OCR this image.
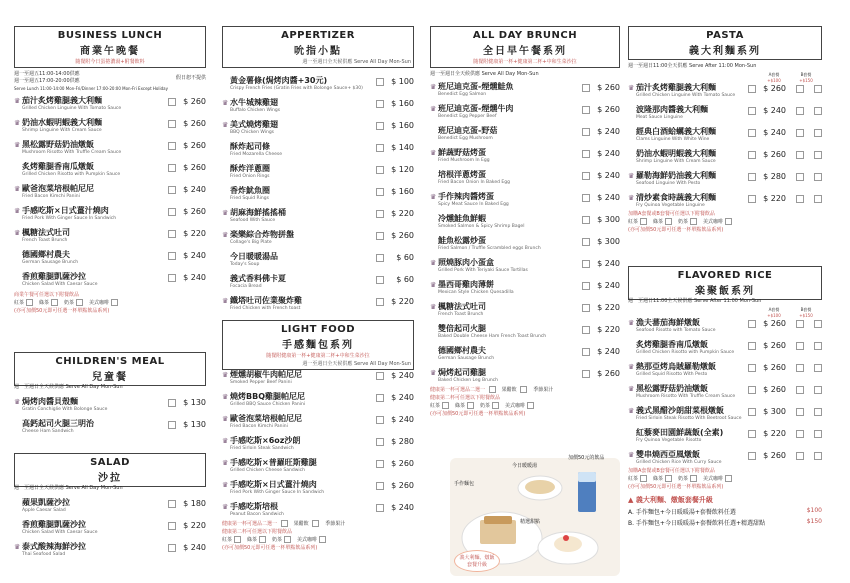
BUSINESS LUNCH
商業午晚餐
隨餐附今日蛋捲濃湯+附餐飲料
週一至週五11:00-14:00供應
週一至週五17:00-20:00供應	假日恕不提供
Serve Lunch 11:00-14:00 Mon-Fri/Dinner 17:00-20:00 Mon-Fri Except Holiday
♛ 茄汁炙烤雞腿義大利麵
Grilled Chicken Linguine With Tomato Sauce
$ 260
♛ 奶油水蝦明蝦義大利麵
Shrimp Linguine With Cream Sauce
$ 260
♛ 黑松露野菇奶油燉飯
Mushroom Risotto With Truffle Cream Sauce
$ 260
炙烤雞腿香南瓜燉飯
Grilled Chicken Risotto with Pumpkin Sauce
$ 260
♛ 歐爸泡菜培根帕尼尼
Fried Bacon Kimchi Panini
$ 240
♛ 手感吃斯×日式薑汁燒肉
Fried Pork With Ginger Sauce In Sandwich
$ 260
♛ 楓糖法式吐司
French Toast Brunch
$ 220
德國鄉村農夫
German Sausage Brunch
$ 240
香煎雞腿凱薩沙拉
Chicken Salad With Caesar Sauce
$ 240
商業午餐可任選以下附餐飲品
紅茶	綠茶	奶茶	美式咖啡
(亦可加價50元即可任選一杯單點飲品系列)
CHILDREN'S MEAL
兒童餐
週一至週日全天候供應 Serve All Day Mon-Sun
♛ 焗烤肉醬貝殼麵
Gratin Conchiglie With Bolonge Sauce
$ 130
高鈣起司火腿三明治
Cheese Ham Sandwich
$ 130
SALAD
沙拉
週一至週日全天候供應 Serve All Day Mon-Sun
蘋果凱薩沙拉
Apple Caesar Salad
$ 180
香煎雞腿凱薩沙拉
Chicken Salad With Caesar Sauce
$ 220
♛ 泰式酸辣海鮮沙拉
Thai Seafood Salad
$ 240
APPERTIZER
吮指小點
週一至週日全天候供應 Serve All Day Mon-Sun
黃金薯條(焗烤肉醬+30元)
Crispy French Fries (Gratin Fries with Bolonge Sauce+ $30)
$ 100
♛ 水牛城辣雞翅
Buffalo Chicken Wings
$ 160
♛ 美式燒烤雞翅
BBQ Chicken Wings
$ 160
酥炸起司條
Fried Mozarella Cheese
$ 140
酥炸洋蔥圈
Fried Onion Rings
$ 120
香炸魷魚圈
Fried Squid Rings
$ 160
♛ 胡麻海鮮搖搖桶
Seafood With Sauce
$ 220
♛ 楽樂綜合炸物拼盤
Collage's Big Plate
$ 260
今日暖暖湯品
Today's Soup
$ 60
義式香料佛卡夏
Focacia Bread
$ 60
♛ 鐵塔吐司佐業聚炸雞
Fried Chicken with French toast
$ 220
LIGHT FOOD
手感麵包系列
隨餐附健康第一杯+健康第二杯+中和生菜沙拉
週一至週日全天候供應 Serve All Day Mon-Sun
♛ 煙燻胡椒牛肉帕尼尼
Smoked Pepper Beef Panini
$ 240
♛ 燒烤BBQ雞腿帕尼尼
Grilled BBQ Sauce Chicken Panini
$ 240
♛ 歐爸泡菜培根帕尼尼
Fried Bacon Kimchi Panini
$ 240
♛ 手感吃斯×6oz沙朗
Fried Sirloin Steak Sandwich
$ 280
♛ 手感吃斯×普羅旺斯雞腿
Grilled Chicken Cheese Sandwich
$ 260
♛ 手感吃斯×日式薑汁燒肉
Fried Pork With Ginger Sauce In Sandwich
$ 260
♛ 手感吃斯培根
Peanut Bacon Sandwich
$ 240
健康第一杯可選品二選一	果醋飲	季節果汁
健康第二杯可任選以下附餐飲品
紅茶	綠茶	奶茶	美式咖啡
(亦可加價50元即可任選一杯單點飲品系列)
ALL DAY BRUNCH
全日早午餐系列
隨餐附健康第一杯+健康第二杯+中和生菜沙拉
週一至週日全天候供應 Serve All Day Mon-Sun
♛ 班尼迪克蛋-煙燻鮭魚
Benedict Egg Salmon
$ 260
♛ 班尼迪克蛋-煙燻牛肉
Benedict Egg Pepper Beef
$ 260
班尼迪克蛋-野菇
Benedict Egg Mushroom
$ 240
♛ 鮮蔬野菇烤蛋
Fried Mushroom In Egg
$ 240
培根洋蔥烤蛋
Fried Bacon Onion In Baked Egg
$ 240
♛ 手作辣肉醬烤蛋
Spicy Meat Sauce In Baked Egg
$ 240
冷燻鮭魚鮮蝦
Smoked Salmon & Spicy Shrimp Bagel
$ 300
鮭魚松露炒蛋
Fried Salmon / Truffle Scrambled eggs Brunch
$ 300
♛ 照燒豚肉小蛋盒
Grilled Pork With Teriyaki Sauce Tortillas
$ 240
♛ 墨西哥雞肉薄餅
Mexican Style Chicken Quesadilla
$ 240
♛ 楓糖法式吐司
French Toast Brunch
$ 220
雙倍起司火腿
Baked Double Cheese Ham French Toast Brunch
$ 220
德國鄉村農夫
German Sausage Brunch
$ 240
♛ 焗烤起司雞腿
Baked Chicken Leg Brunch
$ 260
健康第一杯可選品二選一	果醋飲	季節果汁
健康第二杯可任選以下附餐飲品
紅茶	綠茶	奶茶	美式咖啡
(亦可加價50元即可任選一杯單點飲品系列)
今日暖暖湯
加價50元的飲品
手作麵包
精選甜點
義大利麵、燉飯套餐升級
PASTA
義大利麵系列
週一至週日11:00全天供應 Serve After 11:00 Mon-Sun
A套餐
+$100
B套餐
+$150
♛ 茄汁炙烤雞腿義大利麵
Grilled Chicken Linguine With Tomato Sauce
$ 260
波隆那肉醬義大利麵
Meat Sauce Linguine
$ 240
經典白酒蛤蠣義大利麵
Clams Linguine With White Wine
$ 240
奶油水蝦明蝦義大利麵
Shrimp Linguine With Cream Sauce
$ 260
♛ 羅勒海鮮奶油義大利麵
Seafood Linguine With Pesto
$ 280
♛ 清炒素食時蔬義大利麵
Fry Quinoa Vegetable Linguine
$ 220
加購A套餐或B套餐可任選以下附餐飲品
紅茶	綠茶	奶茶	美式咖啡
(亦可加價50元即可任選一杯單點飲品系列)
FLAVORED RICE
楽聚飯系列
週一至週日11:00全天候供應 Serve After 11:00 Mon-Sun
A套餐
+$100
B套餐
+$150
♛ 漁夫蕃茄海鮮燉飯
Seafood Risotto with Tomato Sauce
$ 260
炙烤雞腿香南瓜燉飯
Grilled Chicken Risotto with Pumpkin Sauce
$ 260
♛ 熱那亞烤烏賊羅勒燉飯
Grilled Squid Risotto With Pesto
$ 260
♛ 黑松露野菇奶油燉飯
Mushroom Risotto With Truffle Cream Sauce
$ 260
♛ 義式黑醋沙朗甜菜根燉飯
Fried Sirloin Steak Risotto With Beetroot Sauce
$ 300
紅藜麥田園鮮蔬飯(全素)
Fry Quinoa Vegetable Risotto
$ 220
♛ 雙串燒西亞風燉飯
Grilled Chicken Rice With Curry Sauce
$ 260
加購A套餐或B套餐可任選以下附餐飲品
紅茶	綠茶	奶茶	美式咖啡
(亦可加價50元即可任選一杯單點飲品系列)
▲ 義大利麵、燉飯套餐升級
A. 手作麵包+今日暖暖湯+套餐飲料任選	$100
B. 手作麵包+今日暖暖湯+套餐飲料任選+精選甜點	$150
